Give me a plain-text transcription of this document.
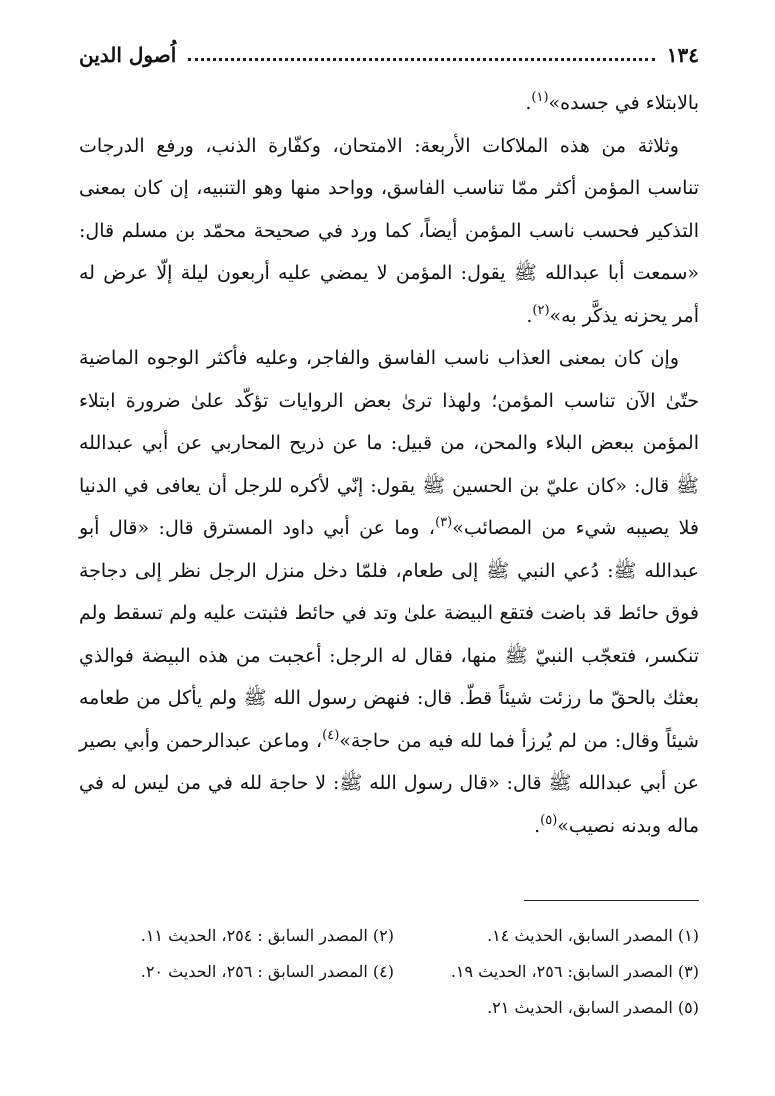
١٣٤
اُصول الدين

بالابتلاء في جسده»$^{(١)}$.

وثلاثة من هذه الملاكات الأربعة: الامتحان، وكفّارة الذنب، ورفع الدرجات تناسب المؤمن أكثر ممّا تناسب الفاسق، وواحد منها وهو التنبيه، إن كان بمعنى التذكير فحسب ناسب المؤمن أيضاً، كما ورد في صحيحة محمّد بن مسلم قال: «سمعت أبا عبدالله ﷺ يقول: المؤمن لا يمضي عليه أربعون ليلة إلّا عرض له أمر يحزنه يذكَّر به»$^{(٢)}$.

وإن كان بمعنى العذاب ناسب الفاسق والفاجر، وعليه فأكثر الوجوه الماضية حتّىٰ الآن تناسب المؤمن؛ ولهذا ترىٰ بعض الروايات تؤكّد علىٰ ضرورة ابتلاء المؤمن ببعض البلاء والمحن، من قبيل: ما عن ذريح المحاربي عن أبي عبدالله ﷺ قال: «كان عليّ بن الحسين ﷺ يقول: إنّي لأكره للرجل أن يعافى في الدنيا فلا يصيبه شيء من المصائب»$^{(٣)}$، وما عن أبي داود المسترق قال: «قال أبو عبدالله ﷺ: دُعي النبي ﷺ إلى طعام، فلمّا دخل منزل الرجل نظر إلى دجاجة فوق حائط قد باضت فتقع البيضة علىٰ وتد في حائط فثبتت عليه ولم تسقط ولم تنكسر، فتعجّب النبيّ ﷺ منها، فقال له الرجل: أعجبت من هذه البيضة فوالذي بعثك بالحقّ ما رزئت شيئاً قطّ. قال: فنهض رسول الله ﷺ ولم يأكل من طعامه شيئاً وقال: من لم يُرزأ فما لله فيه من حاجة»$^{(٤)}$، وماعن عبدالرحمن وأبي بصير عن أبي عبدالله ﷺ قال: «قال رسول الله ﷺ: لا حاجة لله في من ليس له في ماله وبدنه نصيب»$^{(٥)}$.

(١) المصدر السابق، الحديث ١٤.
(٢) المصدر السابق : ٢٥٤، الحديث ١١.
(٣) المصدر السابق: ٢٥٦، الحديث ١٩.
(٤) المصدر السابق : ٢٥٦، الحديث ٢٠.
(٥) المصدر السابق، الحديث ٢١.
